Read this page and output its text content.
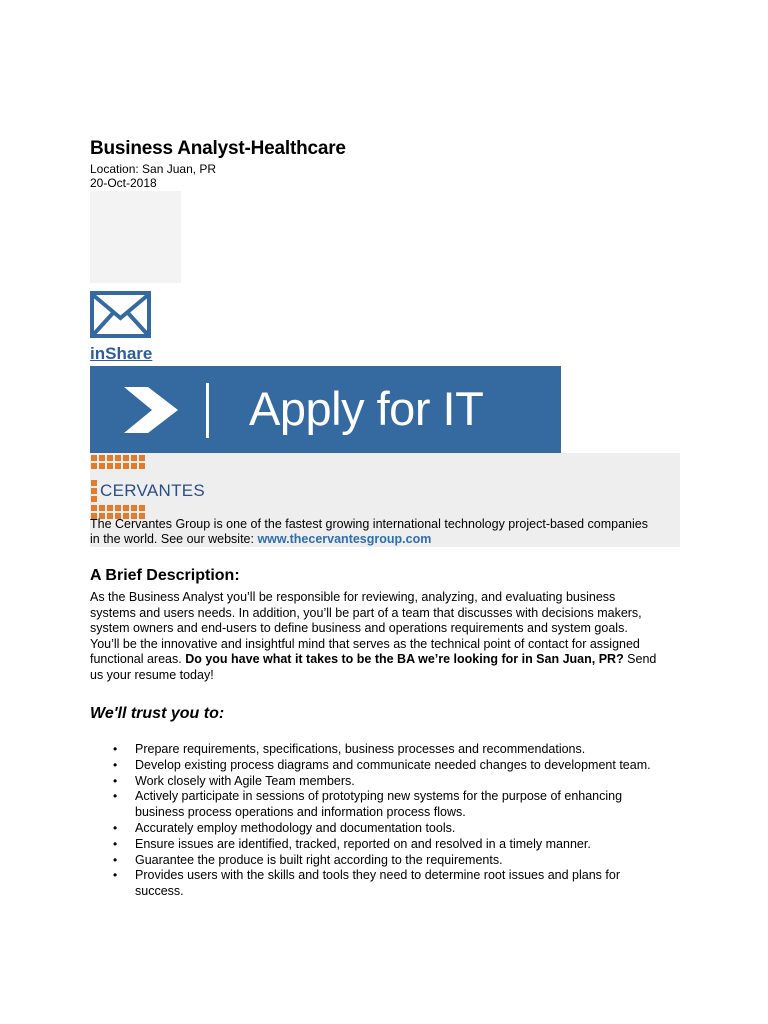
Business Analyst-Healthcare
Location: San Juan, PR
20-Oct-2018
inShare
Apply for IT
CERVANTES
The Cervantes Group is one of the fastest growing international technology project-based companies in the world. See our website: www.thecervantesgroup.com
A Brief Description:
As the Business Analyst you’ll be responsible for reviewing, analyzing, and evaluating business systems and users needs. In addition, you’ll be part of a team that discusses with decisions makers, system owners and end-users to define business and operations requirements and system goals. You’ll be the innovative and insightful mind that serves as the technical point of contact for assigned functional areas. Do you have what it takes to be the BA we’re looking for in San Juan, PR? Send us your resume today!
We'll trust you to:
• Prepare requirements, specifications, business processes and recommendations.
• Develop existing process diagrams and communicate needed changes to development team.
• Work closely with Agile Team members.
• Actively participate in sessions of prototyping new systems for the purpose of enhancing business process operations and information process flows.
• Accurately employ methodology and documentation tools.
• Ensure issues are identified, tracked, reported on and resolved in a timely manner.
• Guarantee the produce is built right according to the requirements.
• Provides users with the skills and tools they need to determine root issues and plans for success.
